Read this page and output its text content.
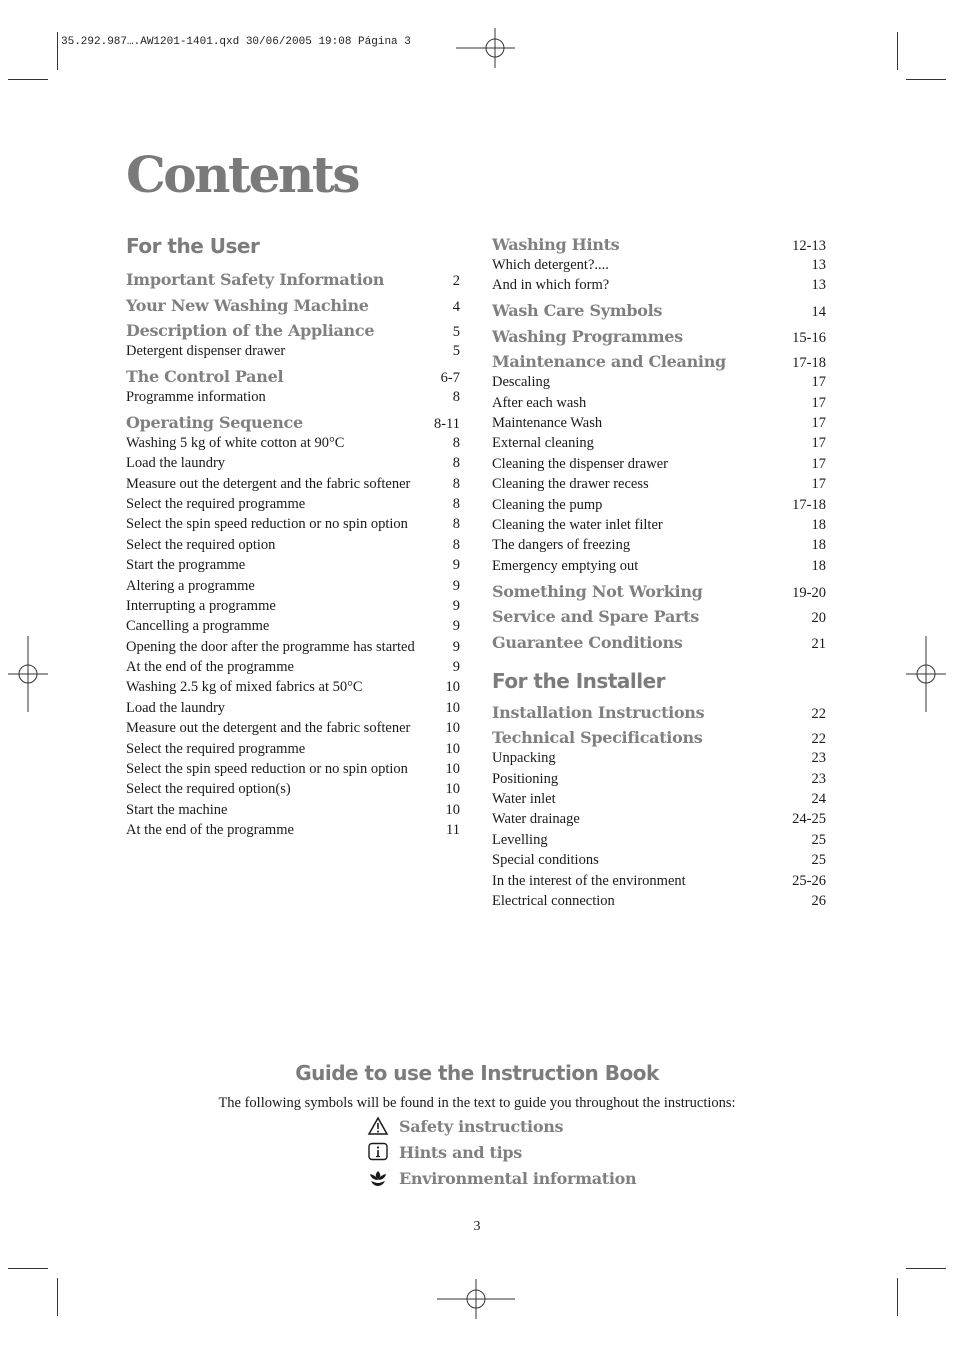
35.292.987….AW1201-1401.qxd 30/06/2005 19:08 Página 3
Contents
For the User
Important Safety Information	2
Your New Washing Machine	4
Description of the Appliance	5
Detergent dispenser drawer	5
The Control Panel	6-7
Programme information	8
Operating Sequence	8-11
Washing 5 kg of white cotton at 90°C	8
Load the laundry	8
Measure out the detergent and the fabric softener	8
Select the required programme	8
Select the spin speed reduction or no spin option	8
Select the required option	8
Start the programme	9
Altering a programme	9
Interrupting a programme	9
Cancelling a programme	9
Opening the door after the programme has started	9
At the end of the programme	9
Washing 2.5 kg of mixed fabrics at 50°C	10
Load the laundry	10
Measure out the detergent and the fabric softener 10
Select the required programme	10
Select the spin speed reduction or no spin option	10
Select the required option(s)	10
Start the machine	10
At the end of the programme	11
Washing Hints	12-13
Which detergent?....	13
And in which form?	13
Wash Care Symbols	14
Washing Programmes	15-16
Maintenance and Cleaning	17-18
Descaling	17
After each wash	17
Maintenance Wash	17
External cleaning	17
Cleaning the dispenser drawer	17
Cleaning the drawer recess	17
Cleaning the pump	17-18
Cleaning the water inlet filter	18
The dangers of freezing	18
Emergency emptying out	18
Something Not Working	19-20
Service and Spare Parts	20
Guarantee Conditions	21
For the Installer
Installation Instructions	22
Technical Specifications	22
Unpacking	23
Positioning	23
Water inlet	24
Water drainage	24-25
Levelling	25
Special conditions	25
In the interest of the environment	25-26
Electrical connection	26
Guide to use the Instruction Book
The following symbols will be found in the text to guide you throughout the instructions:
Safety instructions
Hints and tips
Environmental information
3
